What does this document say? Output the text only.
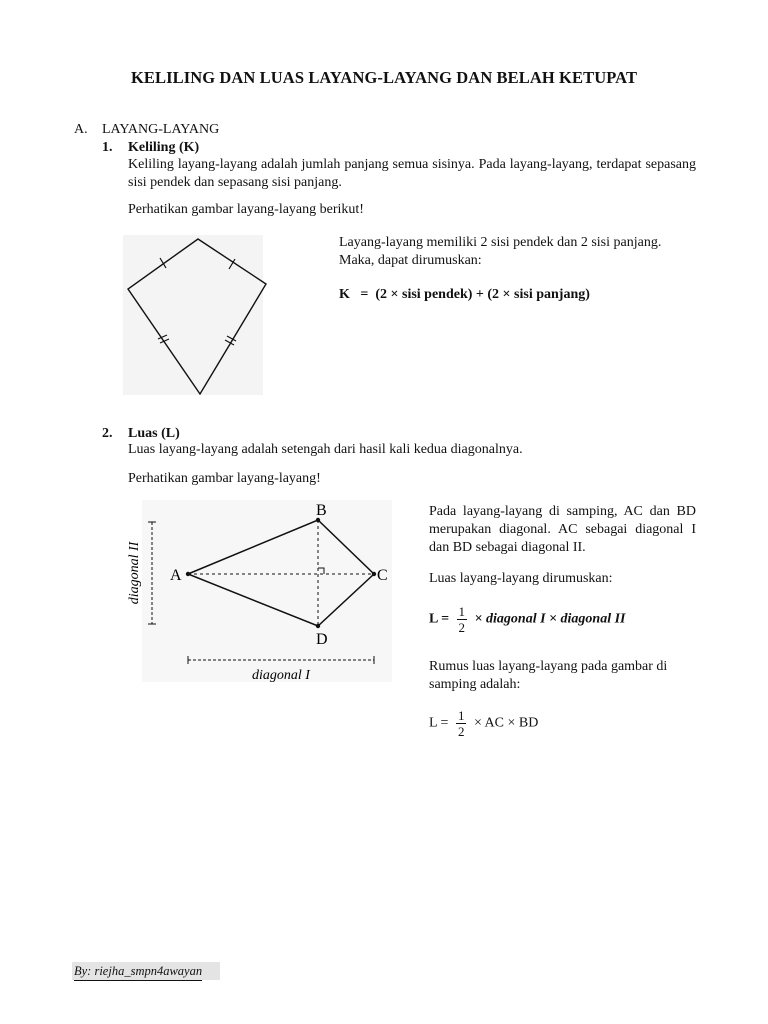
KELILING DAN LUAS LAYANG-LAYANG DAN BELAH KETUPAT
A. LAYANG-LAYANG
1. Keliling (K)
Keliling layang-layang adalah jumlah panjang semua sisinya. Pada layang-layang, terdapat sepasang sisi pendek dan sepasang sisi panjang.
Perhatikan gambar layang-layang berikut!
Layang-layang memiliki 2 sisi pendek dan 2 sisi panjang. Maka, dapat dirumuskan:
K   =  (2 × sisi pendek) + (2 × sisi panjang)
2. Luas (L)
Luas layang-layang adalah setengah dari hasil kali kedua diagonalnya.
Perhatikan gambar layang-layang!
A
B
C
D
diagonal II
diagonal I
Pada layang-layang di samping, AC dan BD merupakan diagonal. AC sebagai diagonal I dan BD sebagai diagonal II.
Luas layang-layang dirumuskan:
$L = \frac{1}{2}$ × diagonal I × diagonal II
Rumus luas layang-layang pada gambar di samping adalah:
$L = \frac{1}{2}$ × AC × BD
By: riejha_smpn4awayan
